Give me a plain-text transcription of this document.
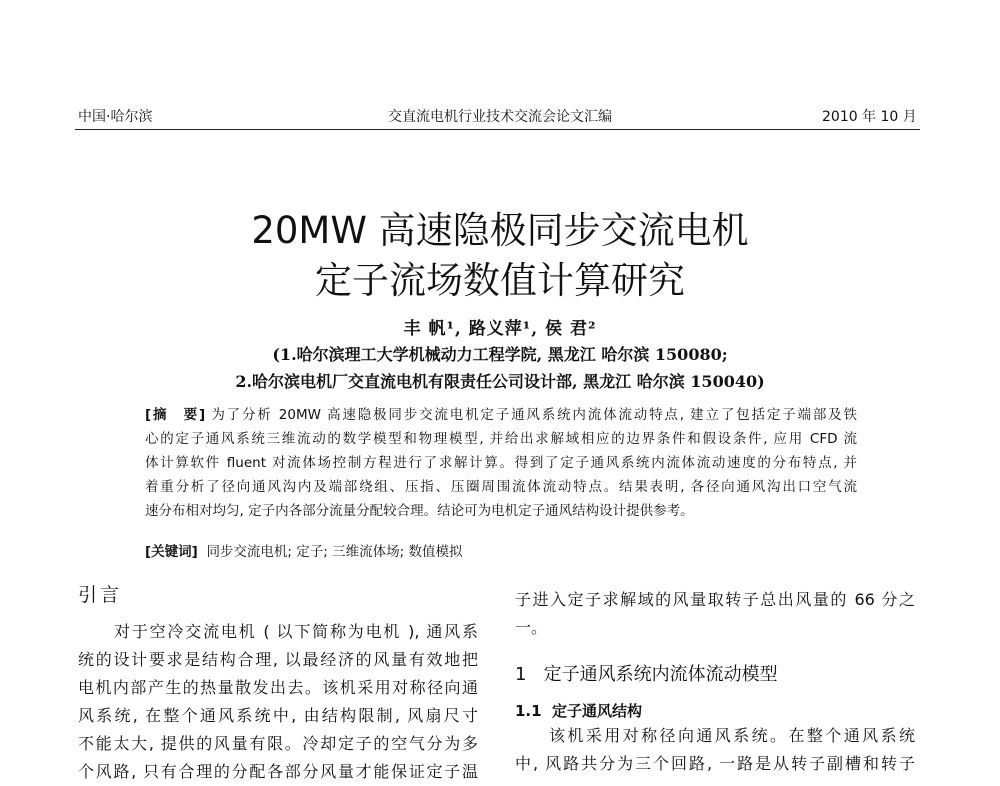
中国·哈尔滨	交直流电机行业技术交流会论文汇编	2010 年 10 月
20MW 高速隐极同步交流电机
定子流场数值计算研究
丰 帆¹, 路义萍¹, 侯 君²
(1.哈尔滨理工大学机械动力工程学院, 黑龙江 哈尔滨 150080;
2.哈尔滨电机厂交直流电机有限责任公司设计部, 黑龙江 哈尔滨 150040)

[摘　要] 为了分析 20MW 高速隐极同步交流电机定子通风系统内流体流动特点, 建立了包括定子端部及铁

心的定子通风系统三维流动的数学模型和物理模型, 并给出求解域相应的边界条件和假设条件, 应用 CFD 流

体计算软件 fluent 对流体场控制方程进行了求解计算。得到了定子通风系统内流体流动速度的分布特点, 并

着重分析了径向通风沟内及端部绕组、压指、压圈周围流体流动特点。结果表明, 各径向通风沟出口空气流

速分布相对均匀, 定子内各部分流量分配较合理。结论可为电机定子通风结构设计提供参考。

[关键词] 同步交流电机; 定子; 三维流体场; 数值模拟
引言

对于空冷交流电机 ( 以下简称为电机 ), 通风系

统的设计要求是结构合理, 以最经济的风量有效地把

电机内部产生的热量散发出去。该机采用对称径向通

风系统, 在整个通风系统中, 由结构限制, 风扇尺寸

不能太大, 提供的风量有限。冷却定子的空气分为多

个风路, 只有合理的分配各部分风量才能保证定子温

子进入定子求解域的风量取转子总出风量的 66 分之

一。

1 定子通风系统内流体流动模型
1.1 定子通风结构

该机采用对称径向通风系统。在整个通风系统

中, 风路共分为三个回路, 一路是从转子副槽和转子
